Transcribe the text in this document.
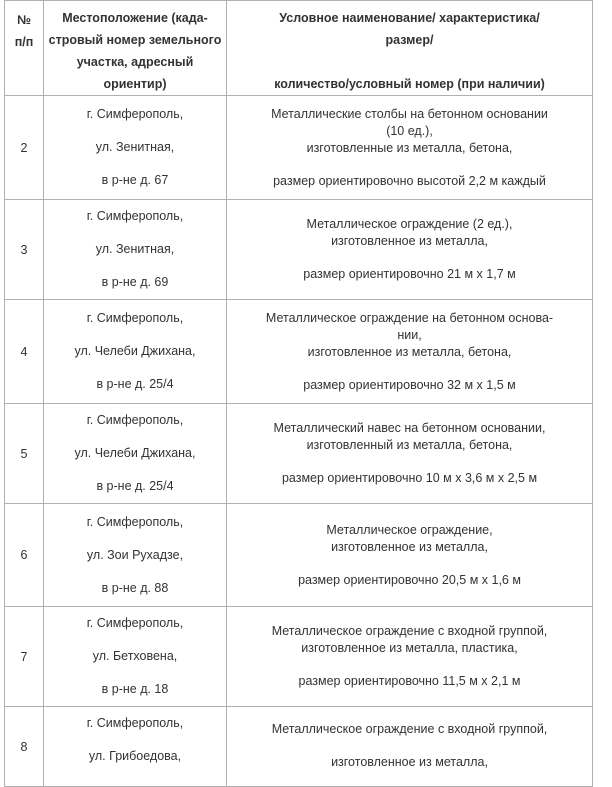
№
п/п	Местоположение (када-
стровый номер земельного
участка, адресный
ориентир)	Условное наименование/ характеристика/
размер/

количество/условный номер (при наличии)

2	г. Симферополь,
ул. Зенитная,
в р-не д. 67	Металлические столбы на бетонном основании
(10 ед.),
изготовленные из металла, бетона,
размер ориентировочно высотой 2,2 м каждый

3	г. Симферополь,
ул. Зенитная,
в р-не д. 69	Металлическое ограждение (2 ед.),
изготовленное из металла,
размер ориентировочно 21 м х 1,7 м

4	г. Симферополь,
ул. Челеби Джихана,
в р-не д. 25/4	Металлическое ограждение на бетонном основа-
нии,
изготовленное из металла, бетона,
размер ориентировочно 32 м х 1,5 м

5	г. Симферополь,
ул. Челеби Джихана,
в р-не д. 25/4	Металлический навес на бетонном основании,
изготовленный из металла, бетона,
размер ориентировочно 10 м х 3,6 м х 2,5 м

6	г. Симферополь,
ул. Зои Рухадзе,
в р-не д. 88	Металлическое ограждение,
изготовленное из металла,
размер ориентировочно 20,5 м х 1,6 м

7	г. Симферополь,
ул. Бетховена,
в р-не д. 18	Металлическое ограждение с входной группой,
изготовленное из металла, пластика,
размер ориентировочно 11,5 м х 2,1 м

8	г. Симферополь,
ул. Грибоедова,	Металлическое ограждение с входной группой,
изготовленное из металла,
